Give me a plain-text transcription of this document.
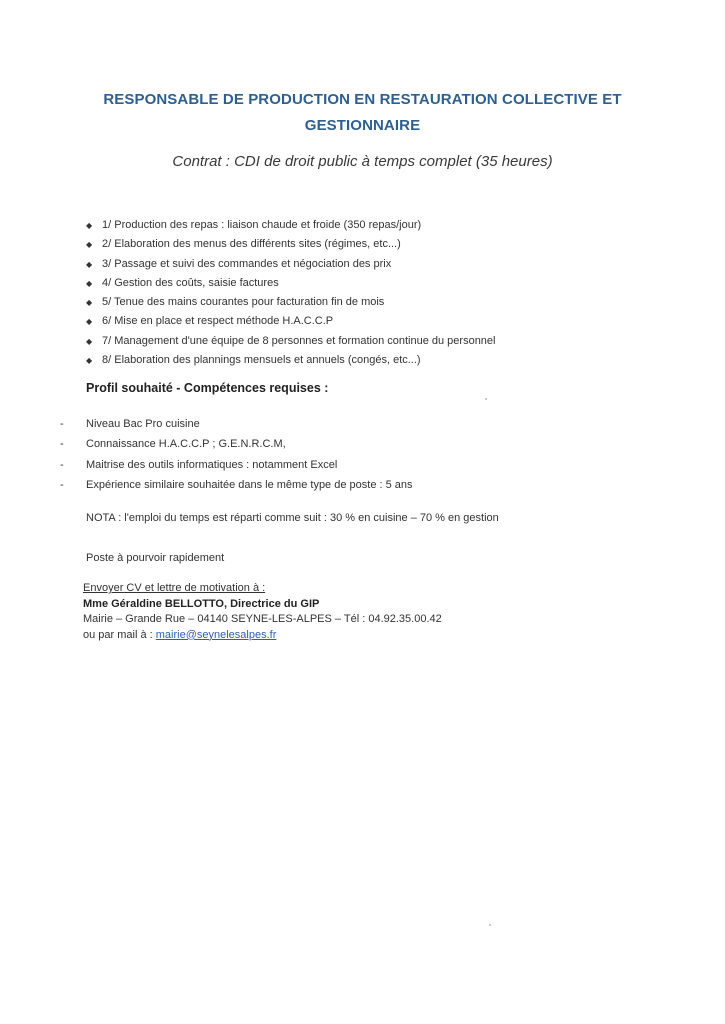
RESPONSABLE DE PRODUCTION EN RESTAURATION COLLECTIVE ET

GESTIONNAIRE

Contrat : CDI de droit public à temps complet (35 heures)

◆ 1/ Production des repas : liaison chaude et froide (350 repas/jour)
◆ 2/ Elaboration des menus des différents sites (régimes, etc...)
◆ 3/ Passage et suivi des commandes et négociation des prix
◆ 4/ Gestion des coûts, saisie factures
◆ 5/ Tenue des mains courantes pour facturation fin de mois
◆ 6/ Mise en place et respect méthode H.A.C.C.P
◆ 7/ Management d'une équipe de 8 personnes et formation continue du personnel
◆ 8/ Elaboration des plannings mensuels et annuels (congés, etc...)

Profil souhaité - Compétences requises :

- Niveau Bac Pro cuisine
- Connaissance H.A.C.C.P ; G.E.N.R.C.M,
- Maitrise des outils informatiques : notamment Excel
- Expérience similaire souhaitée dans le même type de poste : 5 ans

NOTA : l'emploi du temps est réparti comme suit : 30 % en cuisine – 70 % en gestion

Poste à pourvoir rapidement

Envoyer CV et lettre de motivation à :
Mme Géraldine BELLOTTO, Directrice du GIP
Mairie – Grande Rue – 04140 SEYNE-LES-ALPES – Tél : 04.92.35.00.42
ou par mail à : mairie@seynelesalpes.fr
